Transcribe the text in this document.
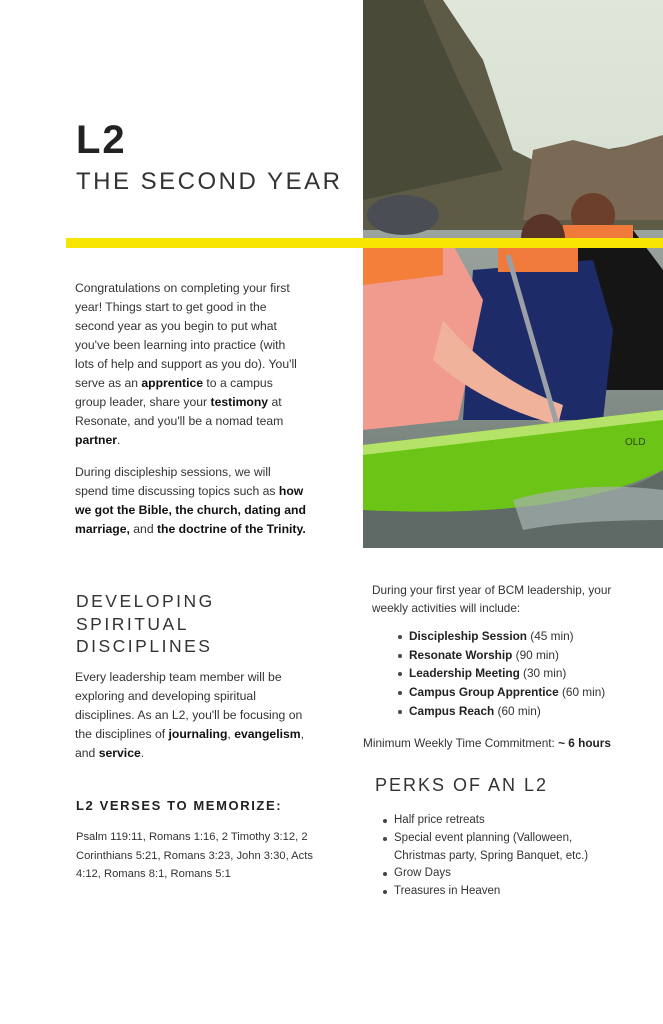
OLD
L2
THE SECOND YEAR
Congratulations on completing your first year! Things start to get good in the second year as you begin to put what you've been learning into practice (with lots of help and support as you do). You'll serve as an apprentice to a campus group leader, share your testimony at Resonate, and you'll be a nomad team partner.
During discipleship sessions, we will spend time discussing topics such as how we got the Bible, the church, dating and marriage, and the doctrine of the Trinity.
DEVELOPING SPIRITUAL DISCIPLINES
Every leadership team member will be exploring and developing spiritual disciplines. As an L2, you'll be focusing on the disciplines of journaling, evangelism, and service.
L2 VERSES TO MEMORIZE:
Psalm 119:11, Romans 1:16, 2 Timothy 3:12, 2 Corinthians 5:21, Romans 3:23, John 3:30, Acts 4:12, Romans 8:1, Romans 5:1
During your first year of BCM leadership, your weekly activities will include:
Discipleship Session (45 min)
Resonate Worship (90 min)
Leadership Meeting (30 min)
Campus Group Apprentice (60 min)
Campus Reach (60 min)
Minimum Weekly Time Commitment: ~ 6 hours
PERKS OF AN L2
Half price retreats
Special event planning (Valloween, Christmas party, Spring Banquet, etc.)
Grow Days
Treasures in Heaven
